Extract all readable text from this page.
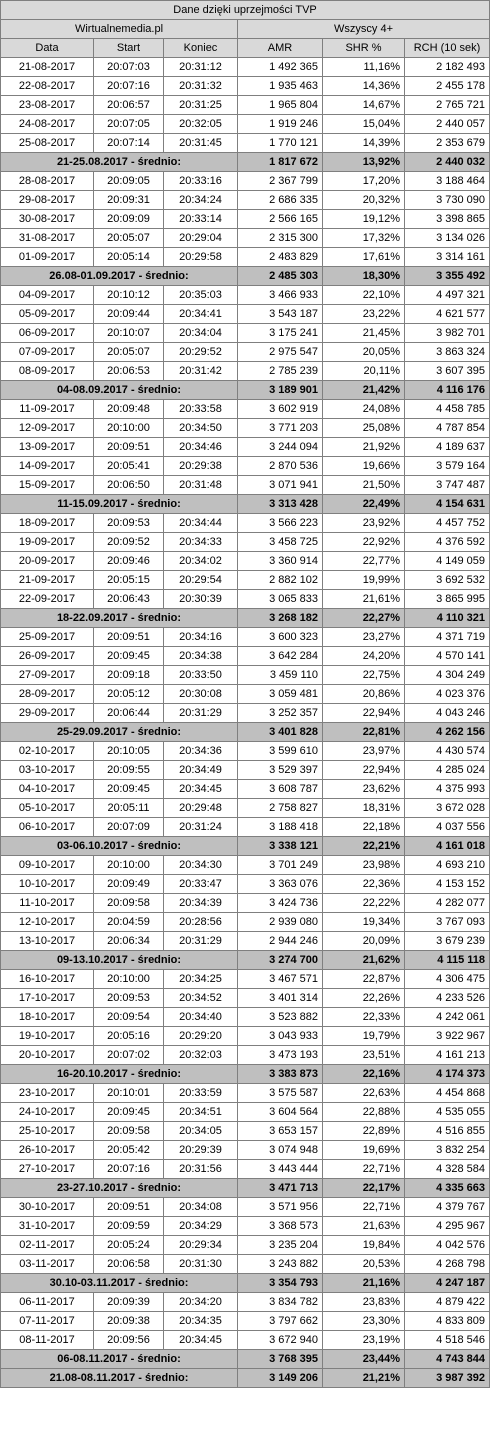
Dane dzięki uprzejmości TVP					
Wirtualnemedia.pl			Wszyscy 4+		
Data	Start	Koniec	AMR	SHR %	RCH (10 sek)
21-08-2017	20:07:03	20:31:12	1 492 365	11,16%	2 182 493
22-08-2017	20:07:16	20:31:32	1 935 463	14,36%	2 455 178
23-08-2017	20:06:57	20:31:25	1 965 804	14,67%	2 765 721
24-08-2017	20:07:05	20:32:05	1 919 246	15,04%	2 440 057
25-08-2017	20:07:14	20:31:45	1 770 121	14,39%	2 353 679
21-25.08.2017 - średnio:			1 817 672	13,92%	2 440 032
28-08-2017	20:09:05	20:33:16	2 367 799	17,20%	3 188 464
29-08-2017	20:09:31	20:34:24	2 686 335	20,32%	3 730 090
30-08-2017	20:09:09	20:33:14	2 566 165	19,12%	3 398 865
31-08-2017	20:05:07	20:29:04	2 315 300	17,32%	3 134 026
01-09-2017	20:05:14	20:29:58	2 483 829	17,61%	3 314 161
26.08-01.09.2017 - średnio:			2 485 303	18,30%	3 355 492
04-09-2017	20:10:12	20:35:03	3 466 933	22,10%	4 497 321
05-09-2017	20:09:44	20:34:41	3 543 187	23,22%	4 621 577
06-09-2017	20:10:07	20:34:04	3 175 241	21,45%	3 982 701
07-09-2017	20:05:07	20:29:52	2 975 547	20,05%	3 863 324
08-09-2017	20:06:53	20:31:42	2 785 239	20,11%	3 607 395
04-08.09.2017 - średnio:			3 189 901	21,42%	4 116 176
11-09-2017	20:09:48	20:33:58	3 602 919	24,08%	4 458 785
12-09-2017	20:10:00	20:34:50	3 771 203	25,08%	4 787 854
13-09-2017	20:09:51	20:34:46	3 244 094	21,92%	4 189 637
14-09-2017	20:05:41	20:29:38	2 870 536	19,66%	3 579 164
15-09-2017	20:06:50	20:31:48	3 071 941	21,50%	3 747 487
11-15.09.2017 - średnio:			3 313 428	22,49%	4 154 631
18-09-2017	20:09:53	20:34:44	3 566 223	23,92%	4 457 752
19-09-2017	20:09:52	20:34:33	3 458 725	22,92%	4 376 592
20-09-2017	20:09:46	20:34:02	3 360 914	22,77%	4 149 059
21-09-2017	20:05:15	20:29:54	2 882 102	19,99%	3 692 532
22-09-2017	20:06:43	20:30:39	3 065 833	21,61%	3 865 995
18-22.09.2017 - średnio:			3 268 182	22,27%	4 110 321
25-09-2017	20:09:51	20:34:16	3 600 323	23,27%	4 371 719
26-09-2017	20:09:45	20:34:38	3 642 284	24,20%	4 570 141
27-09-2017	20:09:18	20:33:50	3 459 110	22,75%	4 304 249
28-09-2017	20:05:12	20:30:08	3 059 481	20,86%	4 023 376
29-09-2017	20:06:44	20:31:29	3 252 357	22,94%	4 043 246
25-29.09.2017 - średnio:			3 401 828	22,81%	4 262 156
02-10-2017	20:10:05	20:34:36	3 599 610	23,97%	4 430 574
03-10-2017	20:09:55	20:34:49	3 529 397	22,94%	4 285 024
04-10-2017	20:09:45	20:34:45	3 608 787	23,62%	4 375 993
05-10-2017	20:05:11	20:29:48	2 758 827	18,31%	3 672 028
06-10-2017	20:07:09	20:31:24	3 188 418	22,18%	4 037 556
03-06.10.2017 - średnio:			3 338 121	22,21%	4 161 018
09-10-2017	20:10:00	20:34:30	3 701 249	23,98%	4 693 210
10-10-2017	20:09:49	20:33:47	3 363 076	22,36%	4 153 152
11-10-2017	20:09:58	20:34:39	3 424 736	22,22%	4 282 077
12-10-2017	20:04:59	20:28:56	2 939 080	19,34%	3 767 093
13-10-2017	20:06:34	20:31:29	2 944 246	20,09%	3 679 239
09-13.10.2017 - średnio:			3 274 700	21,62%	4 115 118
16-10-2017	20:10:00	20:34:25	3 467 571	22,87%	4 306 475
17-10-2017	20:09:53	20:34:52	3 401 314	22,26%	4 233 526
18-10-2017	20:09:54	20:34:40	3 523 882	22,33%	4 242 061
19-10-2017	20:05:16	20:29:20	3 043 933	19,79%	3 922 967
20-10-2017	20:07:02	20:32:03	3 473 193	23,51%	4 161 213
16-20.10.2017 - średnio:			3 383 873	22,16%	4 174 373
23-10-2017	20:10:01	20:33:59	3 575 587	22,63%	4 454 868
24-10-2017	20:09:45	20:34:51	3 604 564	22,88%	4 535 055
25-10-2017	20:09:58	20:34:05	3 653 157	22,89%	4 516 855
26-10-2017	20:05:42	20:29:39	3 074 948	19,69%	3 832 254
27-10-2017	20:07:16	20:31:56	3 443 444	22,71%	4 328 584
23-27.10.2017 - średnio:			3 471 713	22,17%	4 335 663
30-10-2017	20:09:51	20:34:08	3 571 956	22,71%	4 379 767
31-10-2017	20:09:59	20:34:29	3 368 573	21,63%	4 295 967
02-11-2017	20:05:24	20:29:34	3 235 204	19,84%	4 042 576
03-11-2017	20:06:58	20:31:30	3 243 882	20,53%	4 268 798
30.10-03.11.2017 - średnio:			3 354 793	21,16%	4 247 187
06-11-2017	20:09:39	20:34:20	3 834 782	23,83%	4 879 422
07-11-2017	20:09:38	20:34:35	3 797 662	23,30%	4 833 809
08-11-2017	20:09:56	20:34:45	3 672 940	23,19%	4 518 546
06-08.11.2017 - średnio:			3 768 395	23,44%	4 743 844
21.08-08.11.2017 - średnio:			3 149 206	21,21%	3 987 392
